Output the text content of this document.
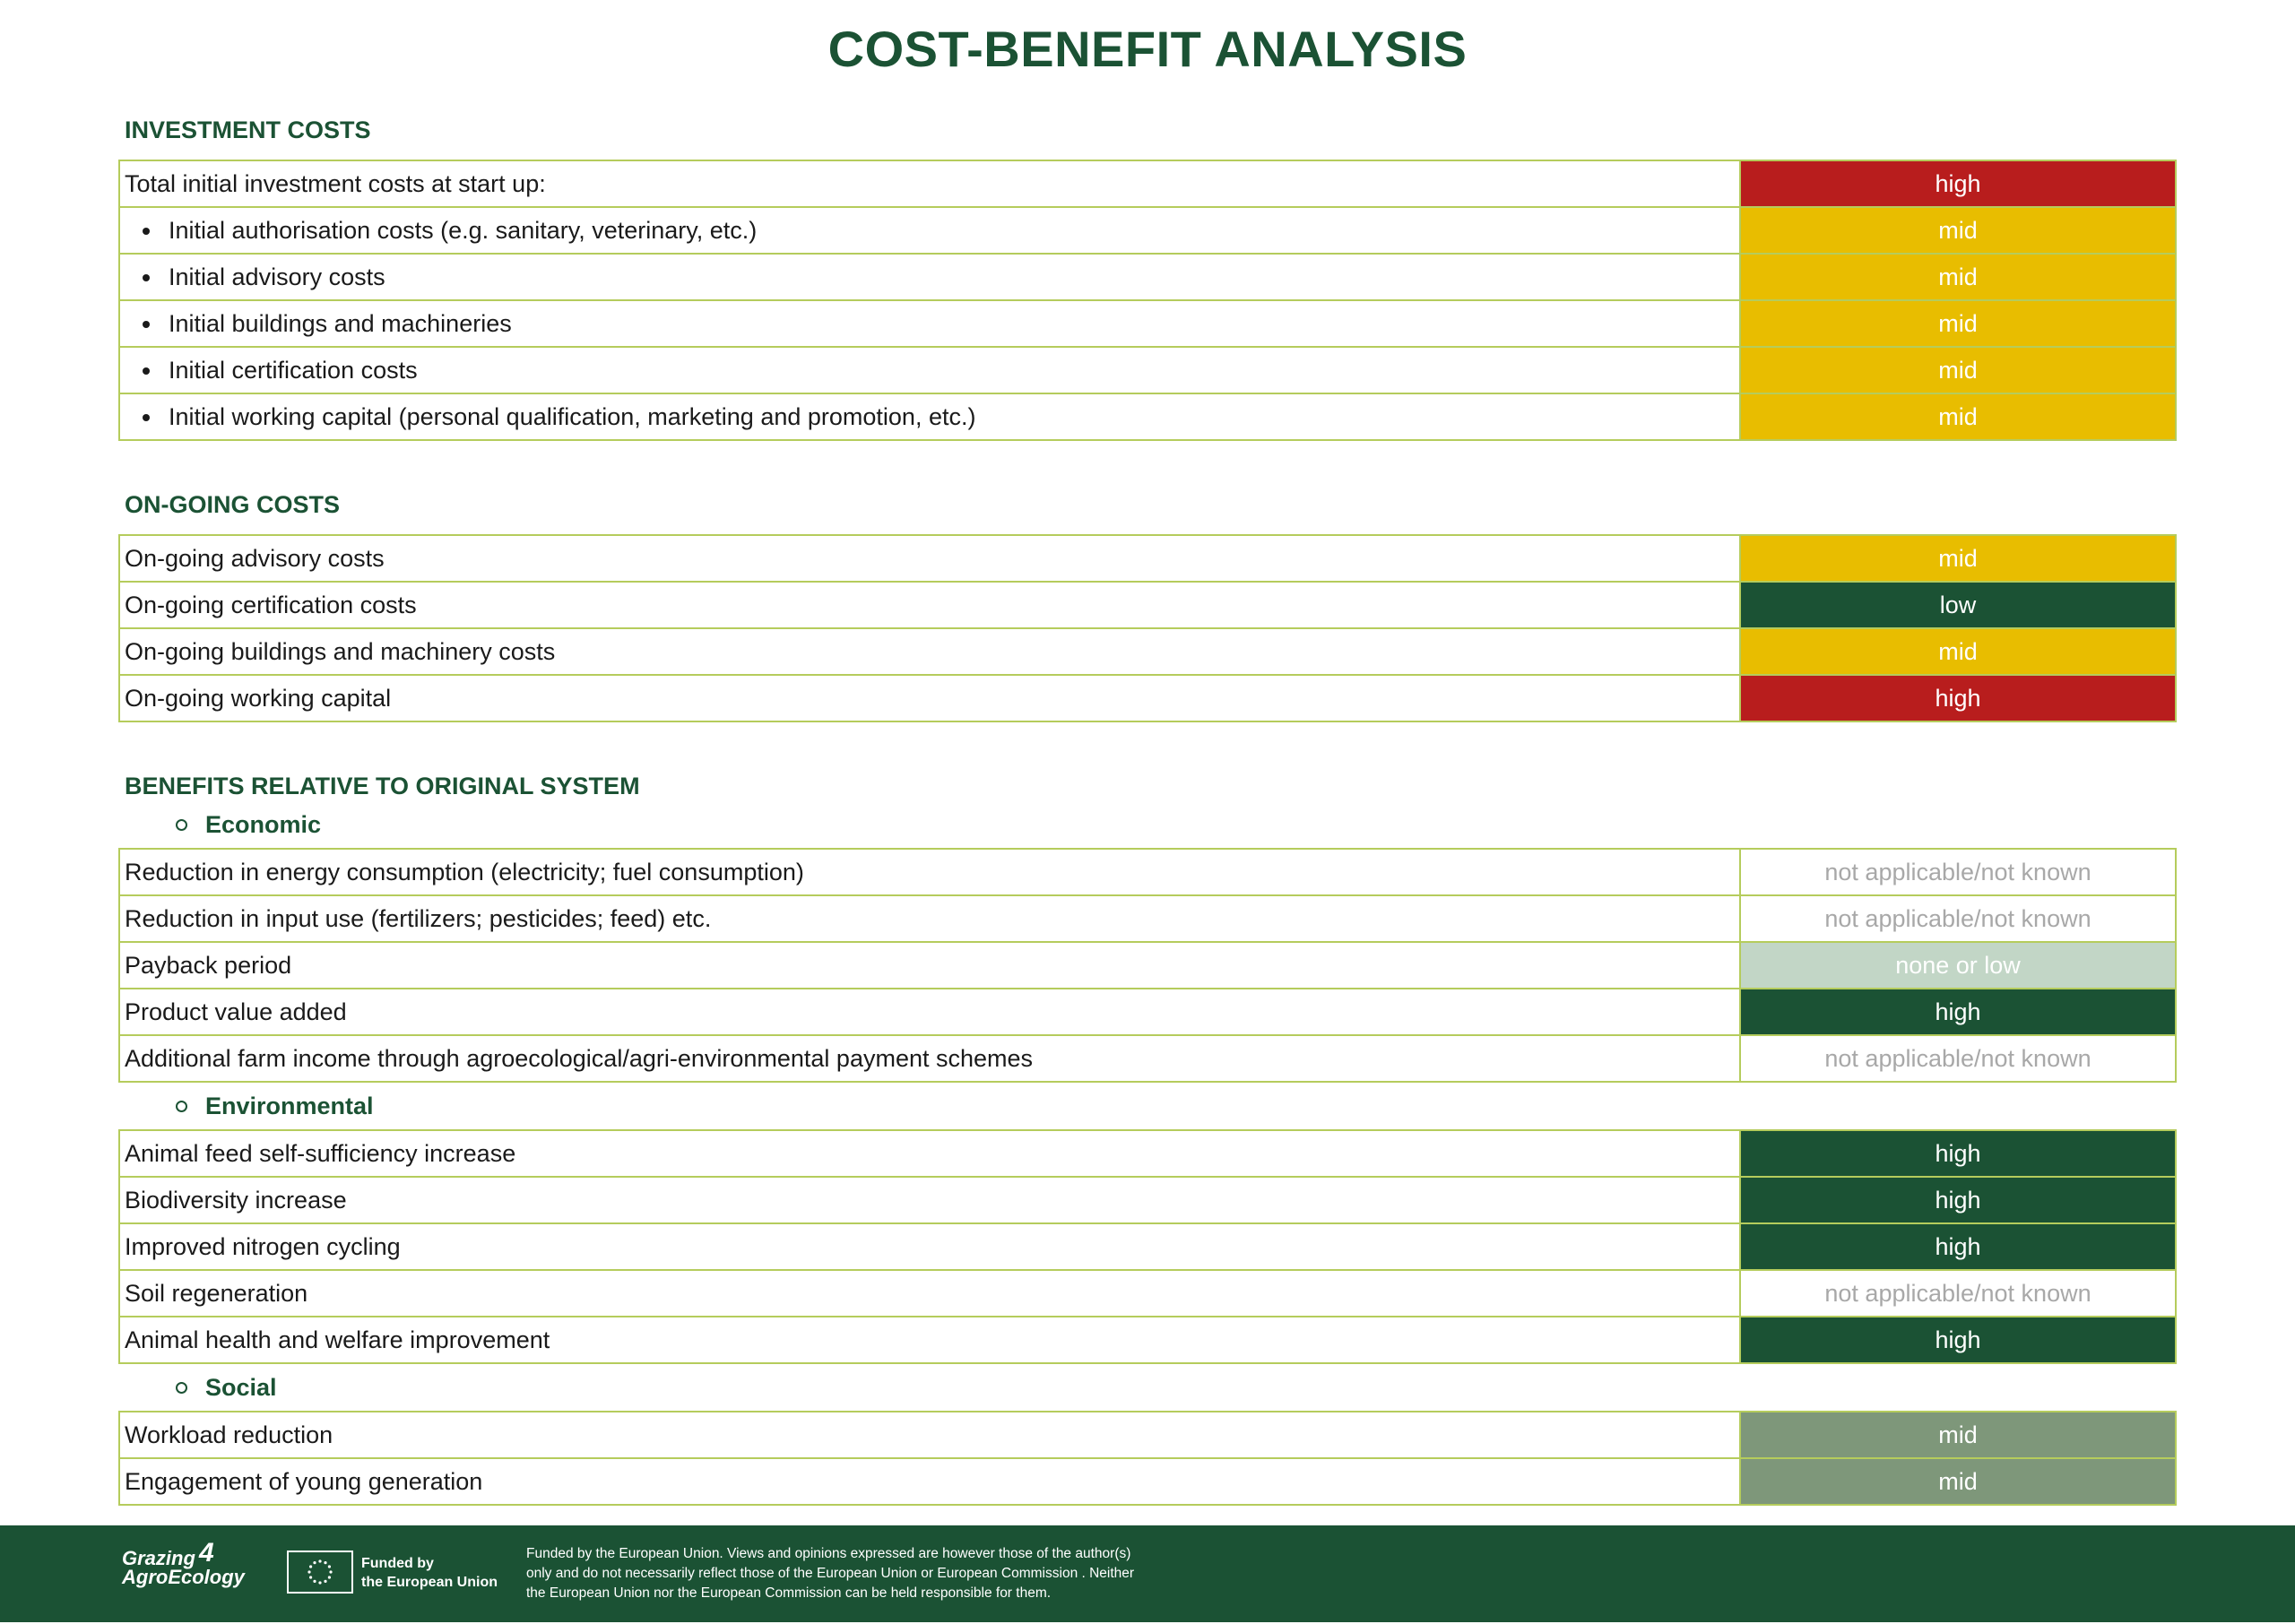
COST-BENEFIT ANALYSIS
INVESTMENT COSTS
Total initial investment costs at start up:	high
Initial authorisation costs (e.g. sanitary, veterinary, etc.)	mid
Initial advisory costs	mid
Initial buildings and machineries	mid
Initial certification costs	mid
Initial working capital (personal qualification, marketing and promotion, etc.)	mid
ON-GOING COSTS
On-going advisory costs	mid
On-going certification costs	low
On-going buildings and machinery costs	mid
On-going working capital	high
BENEFITS RELATIVE TO ORIGINAL SYSTEM
Economic
Reduction in energy consumption (electricity; fuel consumption)	not applicable/not known
Reduction in input use (fertilizers; pesticides; feed) etc.	not applicable/not known
Payback period	none or low
Product value added	high
Additional farm income through agroecological/agri-environmental payment schemes	not applicable/not known
Environmental
Animal feed self-sufficiency increase	high
Biodiversity increase	high
Improved nitrogen cycling	high
Soil regeneration	not applicable/not known
Animal health and welfare improvement	high
Social
Workload reduction	mid
Engagement of young generation	mid
Grazing 4
AgroEcology
Funded by
the European Union
Funded by the European Union. Views and opinions expressed are however those of the author(s)
only and do not necessarily reflect those of the European Union or European Commission . Neither
the European Union nor the European Commission can be held responsible for them.
